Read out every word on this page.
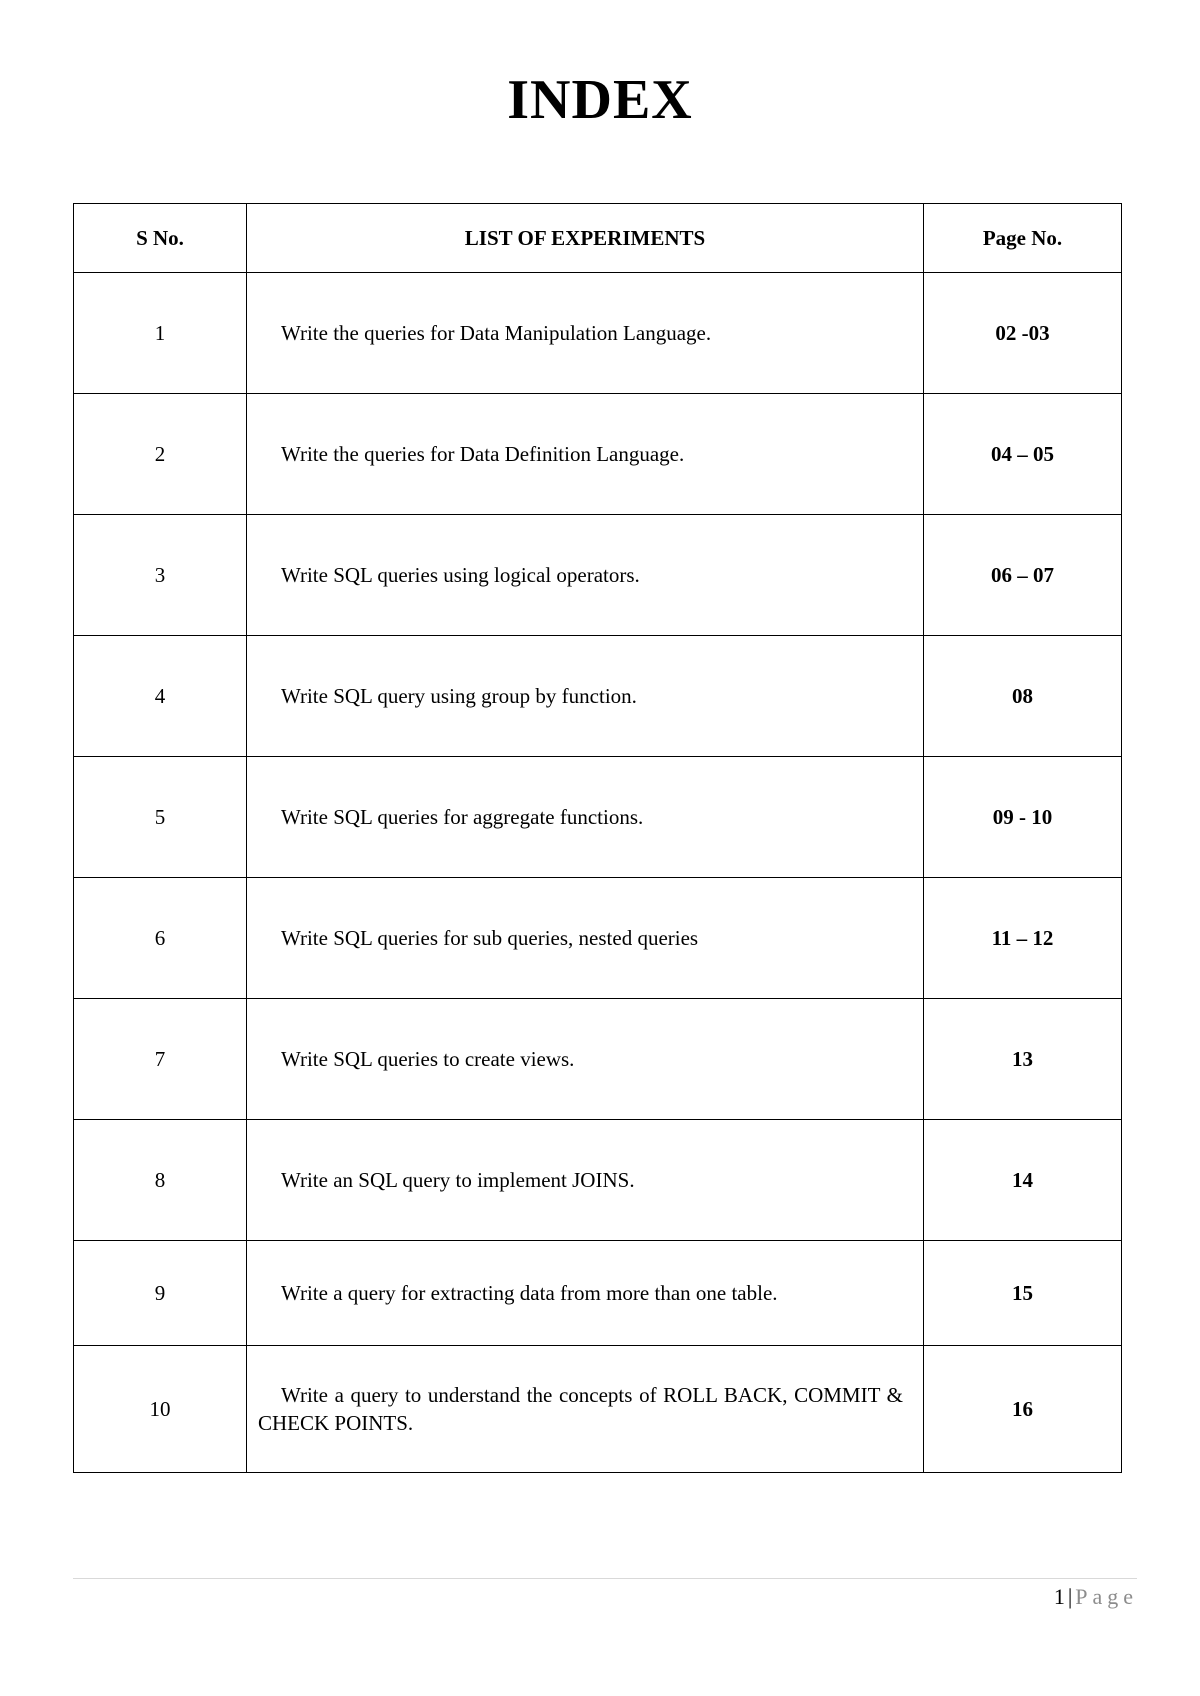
INDEX
S No.	LIST OF EXPERIMENTS	Page No.
1	Write the queries for Data Manipulation Language.	02 -03
2	Write the queries for Data Definition Language.	04 – 05
3	Write SQL queries using logical operators.	06 – 07
4	Write SQL query using group by function.	08
5	Write SQL queries for aggregate functions.	09 - 10
6	Write SQL queries for sub queries, nested queries	11 – 12
7	Write SQL queries to create views.	13
8	Write an SQL query to implement JOINS.	14
9	Write a query for extracting data from more than one table.	15
10	Write a query to understand the concepts of ROLL BACK, COMMIT & CHECK POINTS.	16
1 | Page
